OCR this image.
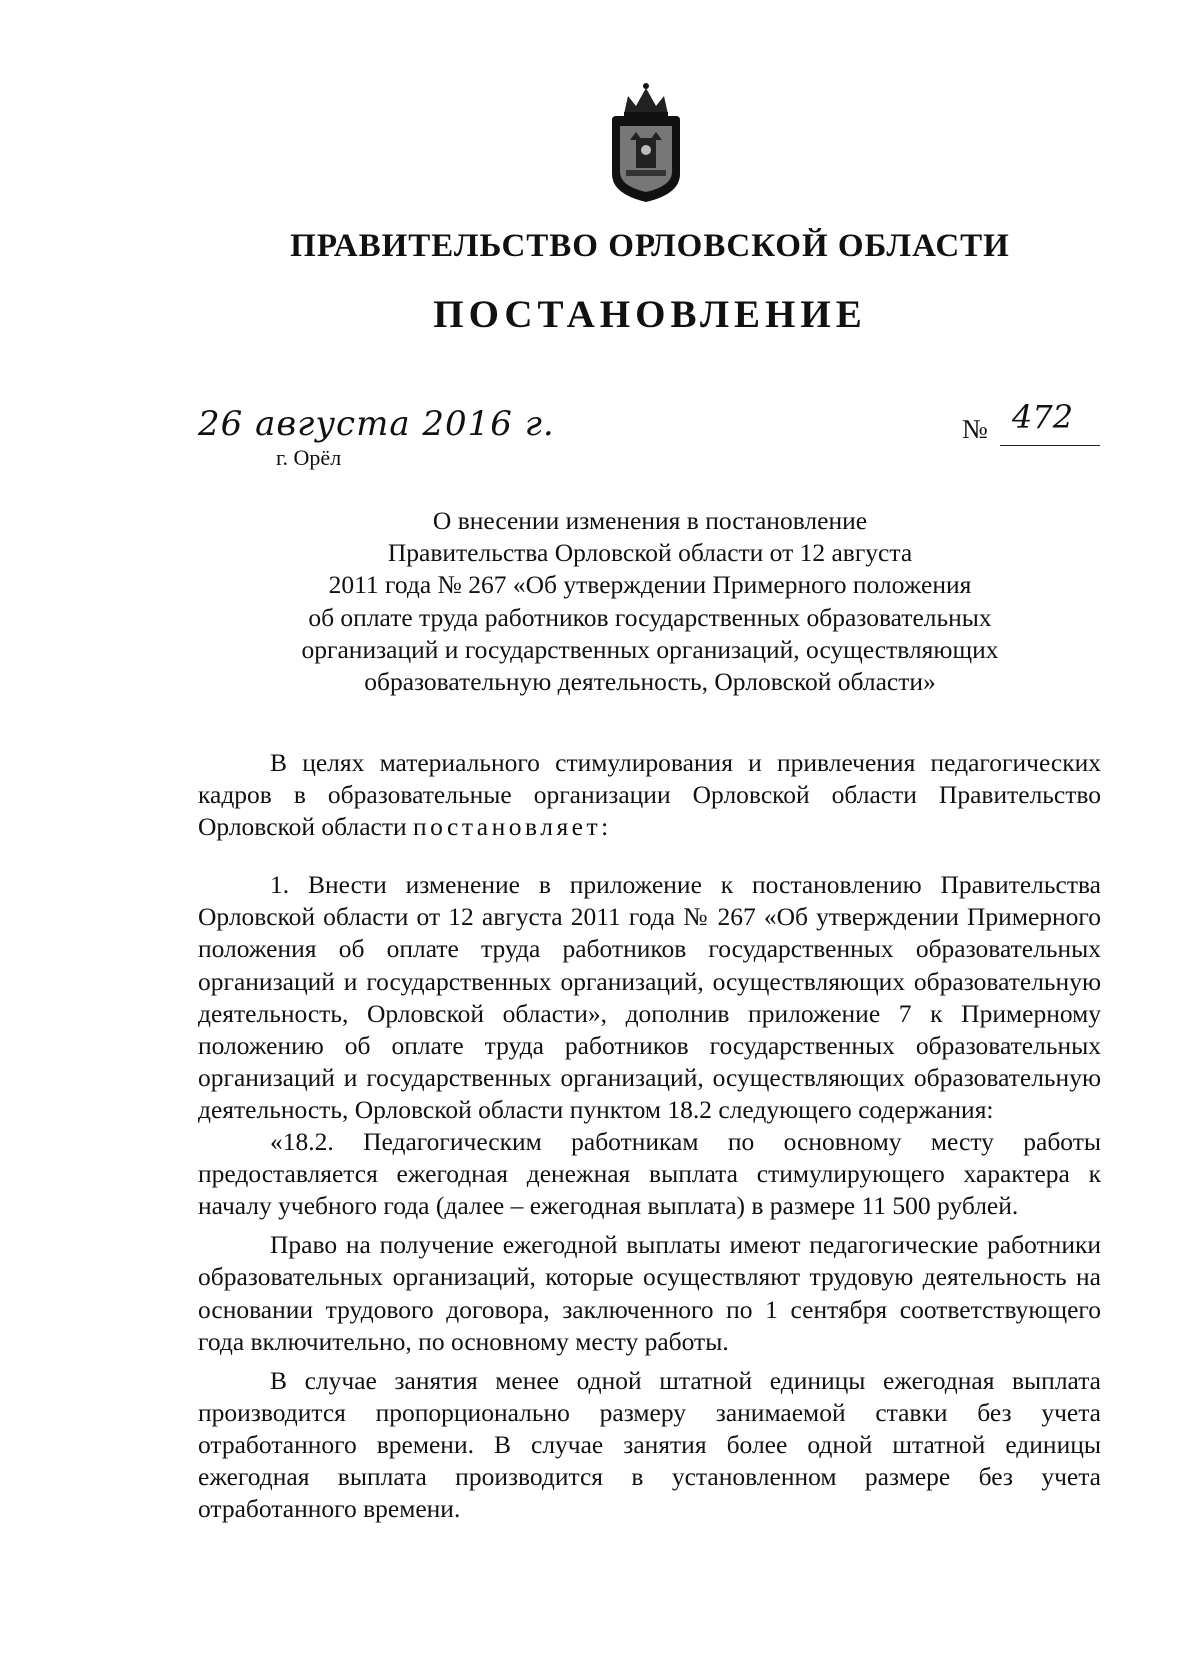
ПРАВИТЕЛЬСТВО ОРЛОВСКОЙ ОБЛАСТИ
ПОСТАНОВЛЕНИЕ
26 августа 2016 г.
г. Орёл
№ 472
О внесении изменения в постановление
Правительства Орловской области от 12 августа
2011 года № 267 «Об утверждении Примерного положения
об оплате труда работников государственных образовательных
организаций и государственных организаций, осуществляющих
образовательную деятельность, Орловской области»

В целях материального стимулирования и привлечения педагогических кадров в образовательные организации Орловской области Правительство Орловской области постановляет:

1. Внести изменение в приложение к постановлению Правительства Орловской области от 12 августа 2011 года № 267 «Об утверждении Примерного положения об оплате труда работников государственных образовательных организаций и государственных организаций, осуществляющих образовательную деятельность, Орловской области», дополнив приложение 7 к Примерному положению об оплате труда работников государственных образовательных организаций и государственных организаций, осуществляющих образовательную деятельность, Орловской области пунктом 18.2 следующего содержания:

«18.2. Педагогическим работникам по основному месту работы предоставляется ежегодная денежная выплата стимулирующего характера к началу учебного года (далее – ежегодная выплата) в размере 11 500 рублей.

Право на получение ежегодной выплаты имеют педагогические работники образовательных организаций, которые осуществляют трудовую деятельность на основании трудового договора, заключенного по 1 сентября соответствующего года включительно, по основному месту работы.

В случае занятия менее одной штатной единицы ежегодная выплата производится пропорционально размеру занимаемой ставки без учета отработанного времени. В случае занятия более одной штатной единицы ежегодная выплата производится в установленном размере без учета отработанного времени.
